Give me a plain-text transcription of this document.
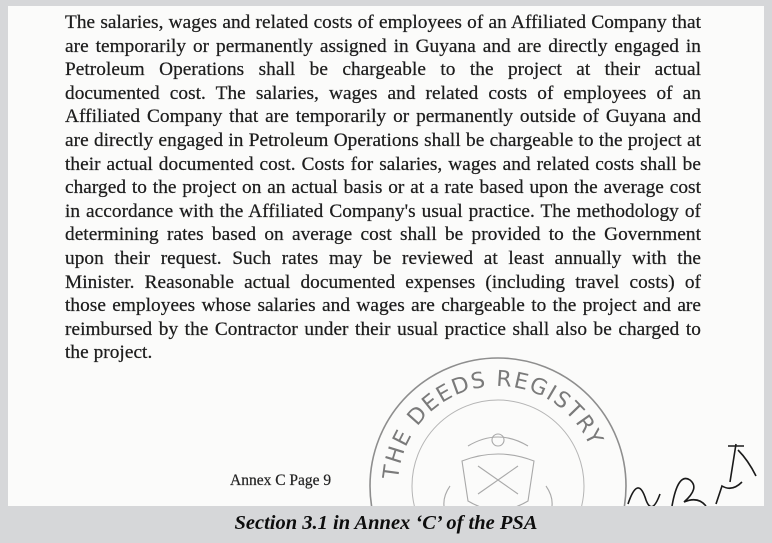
The salaries, wages and related costs of employees of an Affiliated Company that are temporarily or permanently assigned in Guyana and are directly engaged in Petroleum Operations shall be chargeable to the project at their actual documented cost. The salaries, wages and related costs of employees of an Affiliated Company that are temporarily or permanently outside of Guyana and are directly engaged in Petroleum Operations shall be chargeable to the project at their actual documented cost. Costs for salaries, wages and related costs shall be charged to the project on an actual basis or at a rate based upon the average cost in accordance with the Affiliated Company's usual practice. The methodology of determining rates based on average cost shall be provided to the Government upon their request. Such rates may be reviewed at least annually with the Minister. Reasonable actual documented expenses (including travel costs) of those employees whose salaries and wages are chargeable to the project and are reimbursed by the Contractor under their usual practice shall also be charged to the project.

THE DEEDS REGISTRY
Annex C Page 9
Section 3.1 in Annex ‘C’ of the PSA
